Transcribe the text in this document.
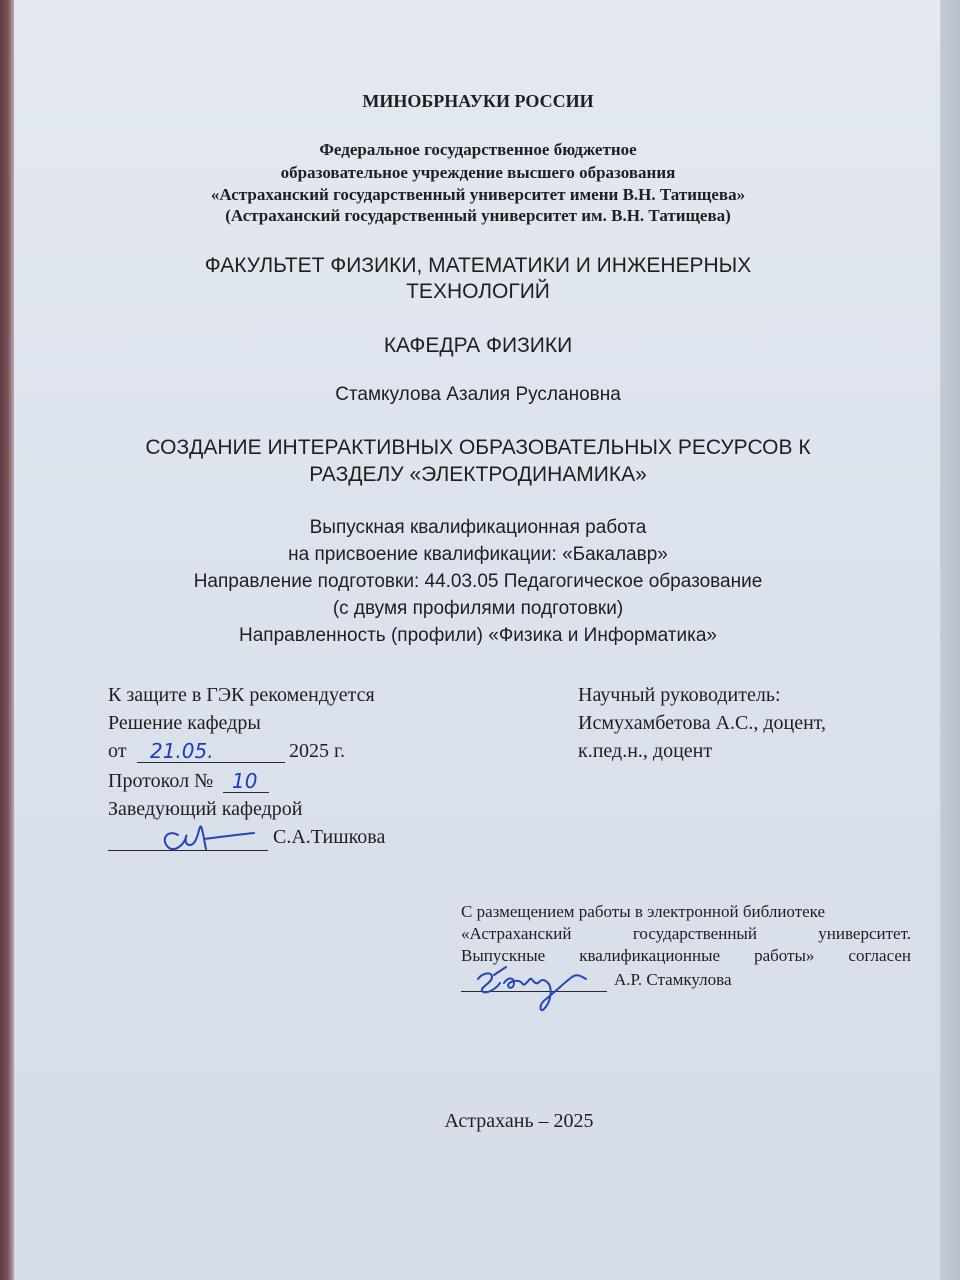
МИНОБРНАУКИ РОССИИ
Федеральное государственное бюджетное
образовательное учреждение высшего образования
«Астраханский государственный университет имени В.Н. Татищева»
(Астраханский государственный университет им. В.Н. Татищева)
ФАКУЛЬТЕТ ФИЗИКИ, МАТЕМАТИКИ И ИНЖЕНЕРНЫХ
ТЕХНОЛОГИЙ
КАФЕДРА ФИЗИКИ
Стамкулова Азалия Руслановна
СОЗДАНИЕ ИНТЕРАКТИВНЫХ ОБРАЗОВАТЕЛЬНЫХ РЕСУРСОВ К
РАЗДЕЛУ «ЭЛЕКТРОДИНАМИКА»
Выпускная квалификационная работа
на присвоение квалификации: «Бакалавр»
Направление подготовки: 44.03.05 Педагогическое образование
(с двумя профилями подготовки)
Направленность (профили) «Физика и Информатика»
К защите в ГЭК рекомендуется
Решение кафедры
от 21.05.	2025 г.
Протокол № 10
Заведующий кафедрой
С.А.Тишкова
Научный руководитель:
Исмухамбетова А.С., доцент,
к.пед.н., доцент
С размещением работы в электронной библиотеке
«Астраханский государственный университет.
Выпускные квалификационные работы» согласен
А.Р. Стамкулова
Астрахань – 2025
